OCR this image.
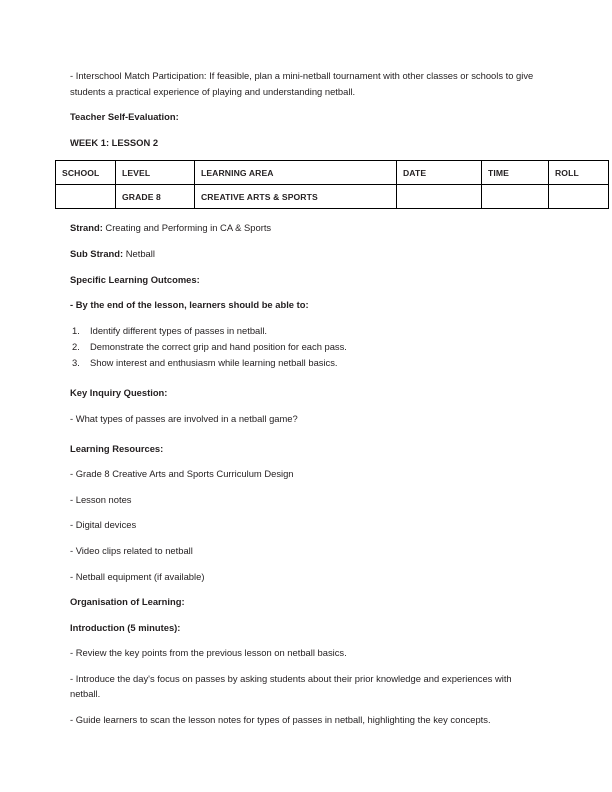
- Interschool Match Participation: If feasible, plan a mini-netball tournament with other classes or schools to give students a practical experience of playing and understanding netball.

Teacher Self-Evaluation:
WEEK 1: LESSON 2
Strand: Creating and Performing in CA & Sports
Sub Strand: Netball
Specific Learning Outcomes:
- By the end of the lesson, learners should be able to:
1. Identify different types of passes in netball.
2. Demonstrate the correct grip and hand position for each pass.
3. Show interest and enthusiasm while learning netball basics.
Key Inquiry Question:
- What types of passes are involved in a netball game?
Learning Resources:
- Grade 8 Creative Arts and Sports Curriculum Design
- Lesson notes
- Digital devices
- Video clips related to netball
- Netball equipment (if available)
Organisation of Learning:
Introduction (5 minutes):
- Review the key points from the previous lesson on netball basics.
- Introduce the day's focus on passes by asking students about their prior knowledge and experiences with netball.
- Guide learners to scan the lesson notes for types of passes in netball, highlighting the key concepts.
SCHOOL	LEVEL	LEARNING AREA	DATE	TIME	ROLL
	GRADE 8	CREATIVE ARTS & SPORTS			
